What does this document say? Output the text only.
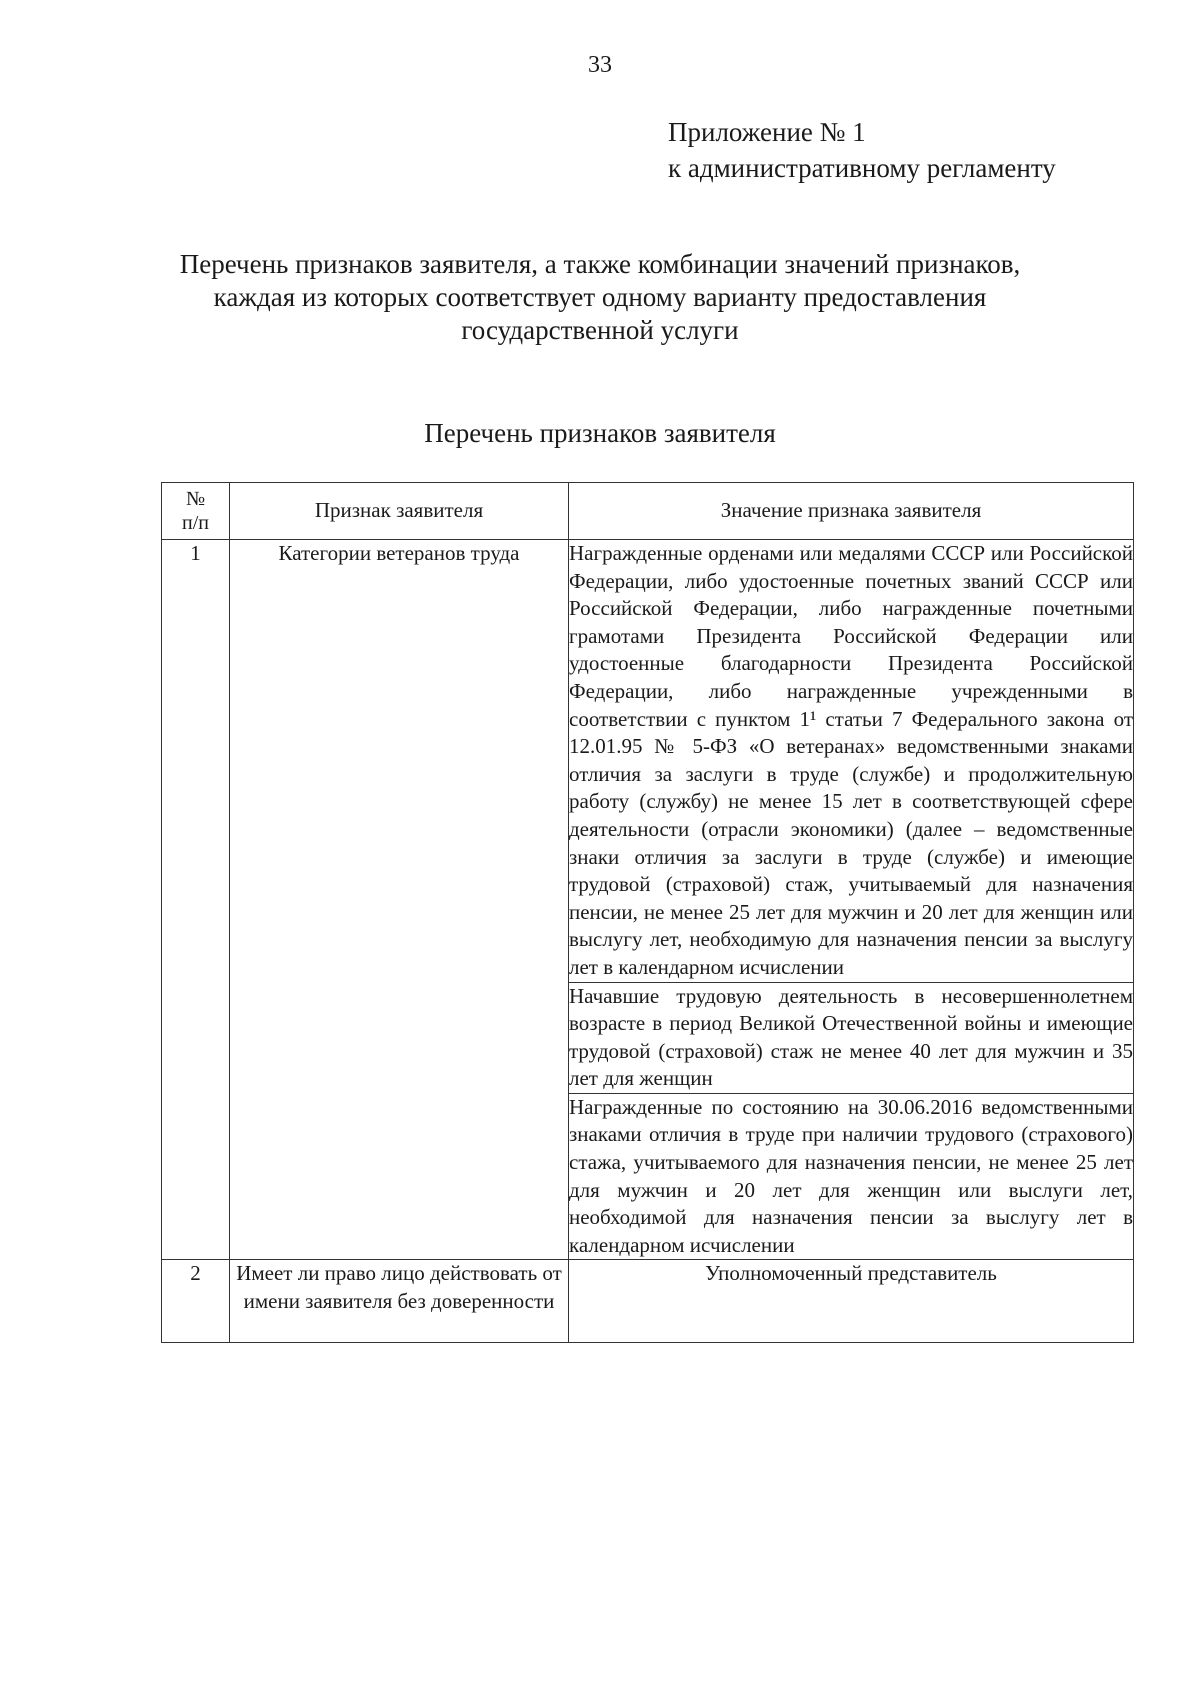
33
Приложение № 1
к административному регламенту
Перечень признаков заявителя, а также комбинации значений признаков,
каждая из которых соответствует одному варианту предоставления
государственной услуги
Перечень признаков заявителя
№
п/п	Признак заявителя	Значение признака заявителя
1	Категории ветеранов труда	Награжденные орденами или медалями СССР или Российской Федерации, либо удостоенные почетных званий СССР или Российской Федерации, либо награжденные почетными грамотами Президента Российской Федерации или удостоенные благодарности Президента Российской Федерации, либо награжденные учрежденными в соответствии с пунктом 1¹ статьи 7 Федерального закона от 12.01.95 № 5-ФЗ «О ветеранах» ведомственными знаками отличия за заслуги в труде (службе) и продолжительную работу (службу) не менее 15 лет в соответствующей сфере деятельности (отрасли экономики) (далее – ведомственные знаки отличия за заслуги в труде (службе) и имеющие трудовой (страховой) стаж, учитываемый для назначения пенсии, не менее 25 лет для мужчин и 20 лет для женщин или выслугу лет, необходимую для назначения пенсии за выслугу лет в календарном исчислении
		Начавшие трудовую деятельность в несовершеннолетнем возрасте в период Великой Отечественной войны и имеющие трудовой (страховой) стаж не менее 40 лет для мужчин и 35 лет для женщин
		Награжденные по состоянию на 30.06.2016 ведомственными знаками отличия в труде при наличии трудового (страхового) стажа, учитываемого для назначения пенсии, не менее 25 лет для мужчин и 20 лет для женщин или выслуги лет, необходимой для назначения пенсии за выслугу лет в календарном исчислении
2	Имеет ли право лицо действовать от имени заявителя без доверенности	Уполномоченный представитель
